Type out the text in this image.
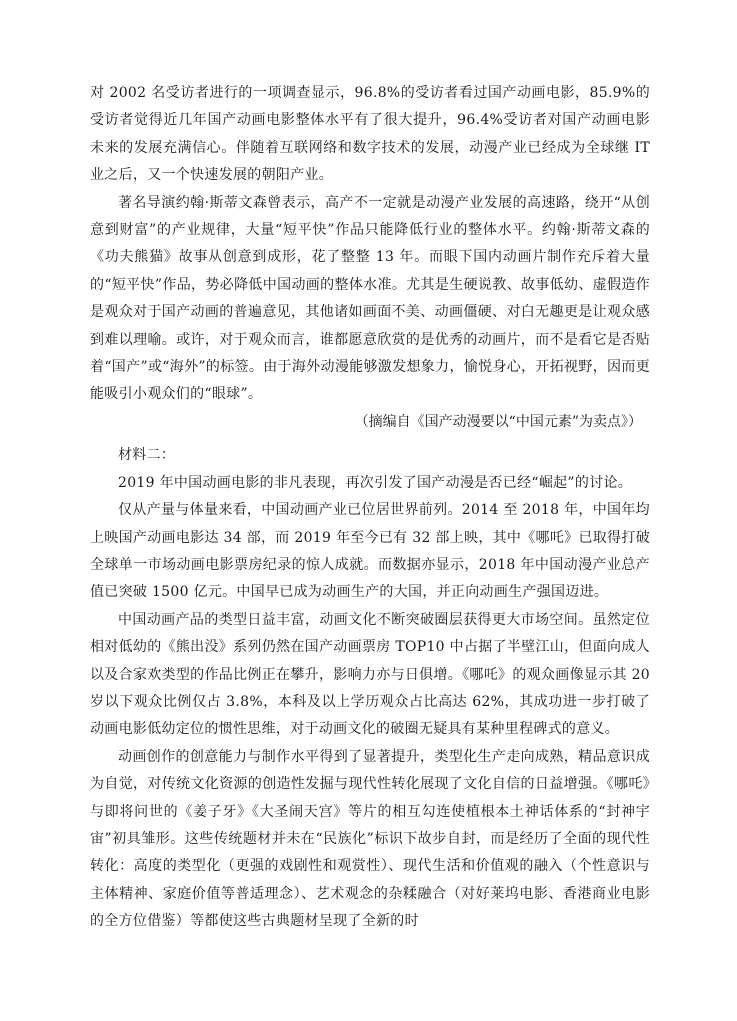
对 2002 名受访者进行的一项调查显示，96.8%的受访者看过国产动画电影，85.9%的受访者觉得近几年国产动画电影整体水平有了很大提升，96.4%受访者对国产动画电影未来的发展充满信心。伴随着互联网络和数字技术的发展，动漫产业已经成为全球继 IT 业之后，又一个快速发展的朝阳产业。

著名导演约翰·斯蒂文森曾表示，高产不一定就是动漫产业发展的高速路，绕开“从创意到财富”的产业规律，大量“短平快”作品只能降低行业的整体水平。约翰·斯蒂文森的《功夫熊猫》故事从创意到成形，花了整整 13 年。而眼下国内动画片制作充斥着大量的“短平快”作品，势必降低中国动画的整体水准。尤其是生硬说教、故事低幼、虚假造作是观众对于国产动画的普遍意见，其他诸如画面不美、动画僵硬、对白无趣更是让观众感到难以理喻。或许，对于观众而言，谁都愿意欣赏的是优秀的动画片，而不是看它是否贴着“国产”或“海外”的标签。由于海外动漫能够激发想象力，愉悦身心，开拓视野，因而更能吸引小观众们的“眼球”。

（摘编自《国产动漫要以“中国元素”为卖点》）

材料二：

2019 年中国动画电影的非凡表现，再次引发了国产动漫是否已经“崛起”的讨论。

仅从产量与体量来看，中国动画产业已位居世界前列。2014 至 2018 年，中国年均上映国产动画电影达 34 部，而 2019 年至今已有 32 部上映，其中《哪吒》已取得打破全球单一市场动画电影票房纪录的惊人成就。而数据亦显示，2018 年中国动漫产业总产值已突破 1500 亿元。中国早已成为动画生产的大国，并正向动画生产强国迈进。

中国动画产品的类型日益丰富，动画文化不断突破圈层获得更大市场空间。虽然定位相对低幼的《熊出没》系列仍然在国产动画票房 TOP10 中占据了半壁江山，但面向成人以及合家欢类型的作品比例正在攀升，影响力亦与日俱增。《哪吒》的观众画像显示其 20 岁以下观众比例仅占 3.8%，本科及以上学历观众占比高达 62%，其成功进一步打破了动画电影低幼定位的惯性思维，对于动画文化的破圈无疑具有某种里程碑式的意义。

动画创作的创意能力与制作水平得到了显著提升，类型化生产走向成熟，精品意识成为自觉，对传统文化资源的创造性发掘与现代性转化展现了文化自信的日益增强。《哪吒》与即将问世的《姜子牙》《大圣闹天宫》等片的相互勾连使植根本土神话体系的“封神宇宙”初具雏形。这些传统题材并未在“民族化”标识下故步自封，而是经历了全面的现代性转化：高度的类型化（更强的戏剧性和观赏性）、现代生活和价值观的融入（个性意识与主体精神、家庭价值等普适理念）、艺术观念的杂糅融合（对好莱坞电影、香港商业电影的全方位借鉴）等都使这些古典题材呈现了全新的时
